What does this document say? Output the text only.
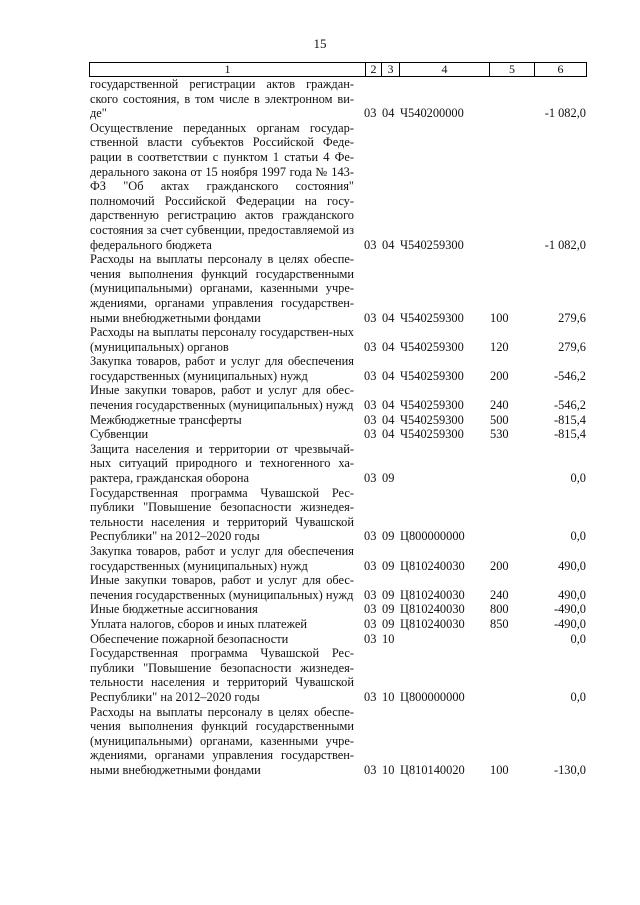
15
1	2 3	4	5	6
государственной регистрации актов граждан-ского состояния, в том числе в электронном ви-де"	03 04 Ч540200000	-1 082,0
Осуществление переданных органам государ-ственной власти субъектов Российской Феде-рации в соответствии с пунктом 1 статьи 4 Фе-дерального закона от 15 ноября 1997 года № 143-ФЗ "Об актах гражданского состояния" полномочий Российской Федерации на госу-дарственную регистрацию актов гражданского состояния за счет субвенции, предоставляемой из федерального бюджета	03 04 Ч540259300	-1 082,0
Расходы на выплаты персоналу в целях обеспе-чения выполнения функций государственными (муниципальными) органами, казенными учре-ждениями, органами управления государствен-ными внебюджетными фондами	03 04 Ч540259300	100	279,6
Расходы на выплаты персоналу государствен-ных (муниципальных) органов	03 04 Ч540259300	120	279,6
Закупка товаров, работ и услуг для обеспечения государственных (муниципальных) нужд	03 04 Ч540259300	200	-546,2
Иные закупки товаров, работ и услуг для обес-печения государственных (муниципальных) нужд 03 04 Ч540259300	240	-546,2
Межбюджетные трансферты	03 04 Ч540259300	500	-815,4
Субвенции	03 04 Ч540259300	530	-815,4
Защита населения и территории от чрезвычай-ных ситуаций природного и техногенного ха-рактера, гражданская оборона	03 09	0,0
Государственная программа Чувашской Рес-публики "Повышение безопасности жизнедея-тельности населения и территорий Чувашской Республики" на 2012–2020 годы	03 09 Ц800000000	0,0
Закупка товаров, работ и услуг для обеспечения государственных (муниципальных) нужд	03 09 Ц810240030	200	490,0
Иные закупки товаров, работ и услуг для обес-печения государственных (муниципальных) нужд 03 09 Ц810240030	240	490,0
Иные бюджетные ассигнования	03 09 Ц810240030	800	-490,0
Уплата налогов, сборов и иных платежей	03 09 Ц810240030	850	-490,0
Обеспечение пожарной безопасности	03 10	0,0
Государственная программа Чувашской Рес-публики "Повышение безопасности жизнедея-тельности населения и территорий Чувашской Республики" на 2012–2020 годы	03 10 Ц800000000	0,0
Расходы на выплаты персоналу в целях обеспе-чения выполнения функций государственными (муниципальными) органами, казенными учре-ждениями, органами управления государствен-ными внебюджетными фондами	03 10 Ц810140020	100	-130,0
